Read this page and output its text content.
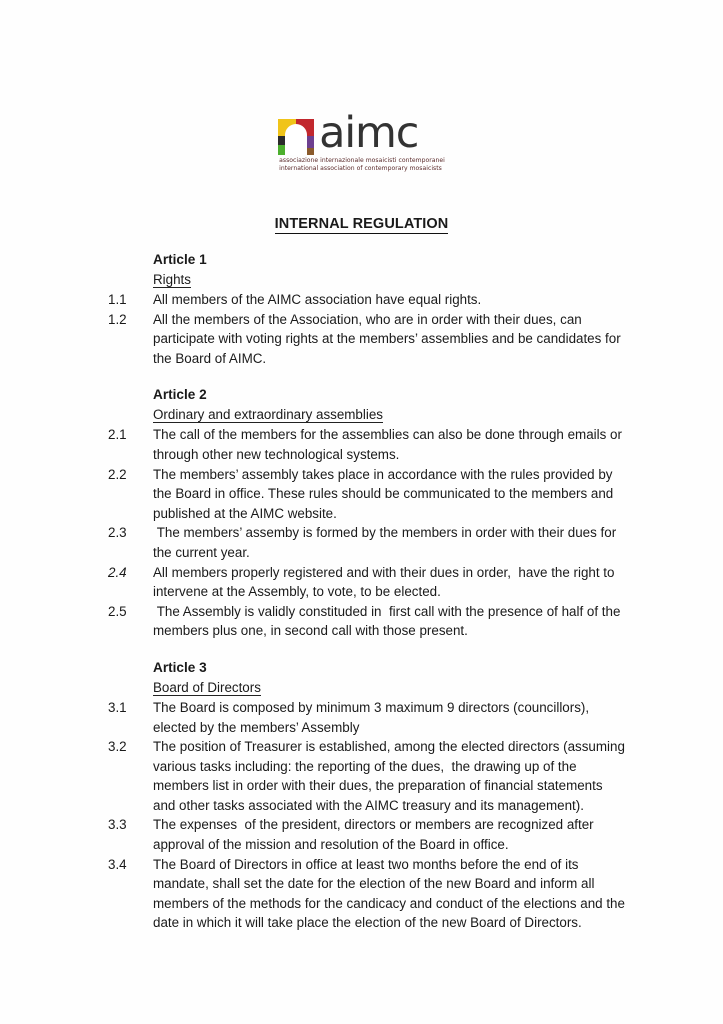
aimc
associazione internazionale mosaicisti contemporanei
international association of contemporary mosaicists
INTERNAL REGULATION
Article 1
Rights
1.1	All members of the AIMC association have equal rights.
1.2	All the members of the Association, who are in order with their dues, can participate with voting rights at the members’ assemblies and be candidates for the Board of AIMC.
Article 2
Ordinary and extraordinary assemblies
2.1	The call of the members for the assemblies can also be done through emails or through other new technological systems.
2.2	The members’ assembly takes place in accordance with the rules provided by the Board in office. These rules should be communicated to the members and published at the AIMC website.
2.3	The members’ assemby is formed by the members in order with their dues for the current year.
2.4	All members properly registered and with their dues in order,  have the right to intervene at the Assembly, to vote, to be elected.
2.5	The Assembly is validly constituded in  first call with the presence of half of the members plus one, in second call with those present.
Article 3
Board of Directors
3.1	The Board is composed by minimum 3 maximum 9 directors (councillors), elected by the members’ Assembly
3.2	The position of Treasurer is established, among the elected directors (assuming various tasks including: the reporting of the dues,  the drawing up of the members list in order with their dues, the preparation of financial statements and other tasks associated with the AIMC treasury and its management).
3.3	The expenses  of the president, directors or members are recognized after approval of the mission and resolution of the Board in office.
3.4	The Board of Directors in office at least two months before the end of its mandate, shall set the date for the election of the new Board and inform all members of the methods for the candicacy and conduct of the elections and the date in which it will take place the election of the new Board of Directors.
